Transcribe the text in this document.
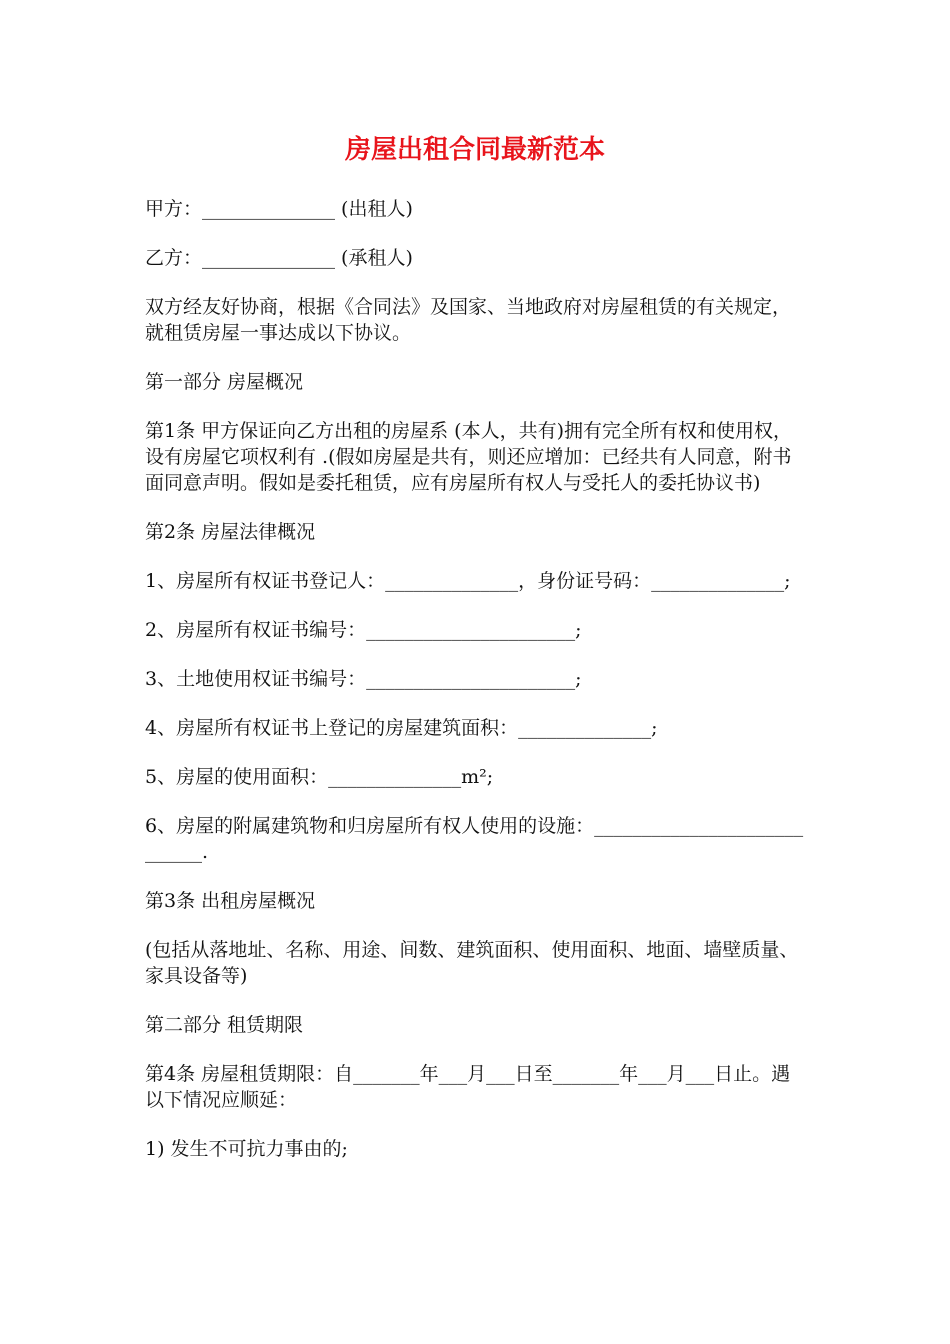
房屋出租合同最新范本

甲方：______________ (出租人)

乙方：______________ (承租人)

双方经友好协商，根据《合同法》及国家、当地政府对房屋租赁的有关规定，就租赁房屋一事达成以下协议。

第一部分 房屋概况

第1条 甲方保证向乙方出租的房屋系 (本人，共有)拥有完全所有权和使用权，设有房屋它项权利有 .(假如房屋是共有，则还应增加：已经共有人同意，附书面同意声明。假如是委托租赁，应有房屋所有权人与受托人的委托协议书)

第2条 房屋法律概况

1、房屋所有权证书登记人：______________，身份证号码：______________;

2、房屋所有权证书编号：______________________;

3、土地使用权证书编号：______________________;

4、房屋所有权证书上登记的房屋建筑面积：______________;

5、房屋的使用面积：______________m²;

6、房屋的附属建筑物和归房屋所有权人使用的设施：____________________________.

第3条 出租房屋概况

(包括从落地址、名称、用途、间数、建筑面积、使用面积、地面、墙壁质量、家具设备等)

第二部分 租赁期限

第4条 房屋租赁期限：自_______年___月___日至_______年___月___日止。遇以下情况应顺延：

1) 发生不可抗力事由的;
